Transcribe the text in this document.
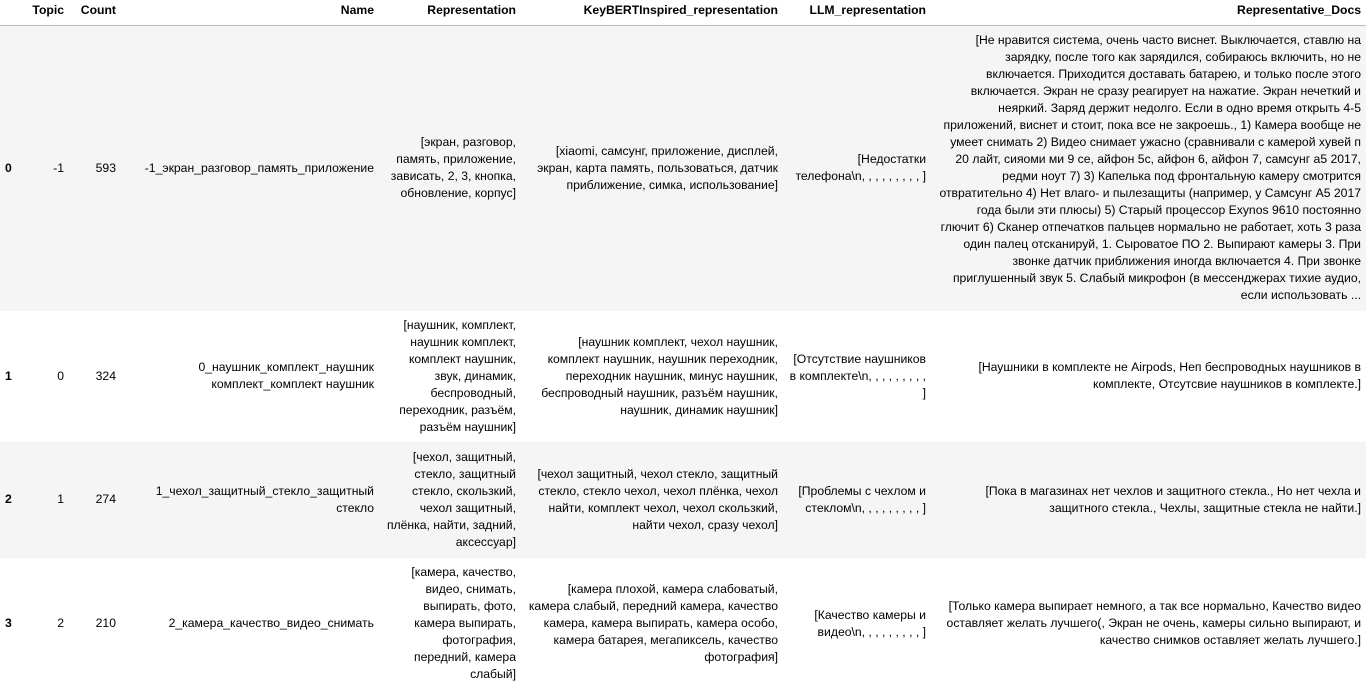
	Topic	Count	Name	Representation	KeyBERTInspired_representation	LLM_representation	Representative_Docs
0	-1	593	-1_экран_разговор_память_приложение	[экран, разговор, память, приложение, зависать, 2, 3, кнопка, обновление, корпус]	[xiaomi, самсунг, приложение, дисплей, экран, карта память, пользоваться, датчик приближение, симка, использование]	[Недостатки телефона\n, , , , , , , , , ]	[Не нравится система, очень часто виснет. Выключается, ставлю на зарядку, после того как зарядился, собираюсь включить, но не включается. Приходится доставать батарею, и только после этого включается. Экран не сразу реагирует на нажатие. Экран нечеткий и неяркий. Заряд держит недолго. Если в одно время открыть 4-5 приложений, виснет и стоит, пока все не закроешь., 1) Камера вообще не умеет снимать 2) Видео снимает ужасно (сравнивали с камерой хувей п 20 лайт, сияоми ми 9 се, айфон 5с, айфон 6, айфон 7, самсунг а5 2017, редми ноут 7) 3) Капелька под фронтальную камеру смотрится отвратительно 4) Нет влаго- и пылезащиты (например, у Самсунг А5 2017 года были эти плюсы) 5) Старый процессор Exynos 9610 постоянно глючит 6) Сканер отпечатков пальцев нормально не работает, хоть 3 раза один палец отсканируй, 1. Сыроватое ПО 2. Выпирают камеры 3. При звонке датчик приближения иногда включается 4. При звонке приглушенный звук 5. Слабый микрофон (в мессенджерах тихие аудио, если использовать ...
1	0	324	0_наушник_комплект_наушник комплект_комплект наушник	[наушник, комплект, наушник комплект, комплект наушник, звук, динамик, беспроводный, переходник, разъём, разъём наушник]	[наушник комплект, чехол наушник, комплект наушник, наушник переходник, переходник наушник, минус наушник, беспроводный наушник, разъём наушник, наушник, динамик наушник]	[Отсутствие наушников в комплекте\n, , , , , , , , , ]	[Наушники в комплекте не Airpods, Нeп беспроводных наушников в комплекте, Отсутсвие наушников в комплекте.]
2	1	274	1_чехол_защитный_стекло_защитный стекло	[чехол, защитный, стекло, защитный стекло, скользкий, чехол защитный, плёнка, найти, задний, аксессуар]	[чехол защитный, чехол стекло, защитный стекло, стекло чехол, чехол плёнка, чехол найти, комплект чехол, чехол скользкий, найти чехол, сразу чехол]	[Проблемы с чехлом и стеклом\n, , , , , , , , , ]	[Пока в магазинах нет чехлов и защитного стекла., Но нет чехла и защитного стекла., Чехлы, защитные стекла не найти.]
3	2	210	2_камера_качество_видео_снимать	[камера, качество, видео, снимать, выпирать, фото, камера выпирать, фотография, передний, камера слабый]	[камера плохой, камера слабоватый, камера слабый, передний камера, качество камера, камера выпирать, камера особо, камера батарея, мегапиксель, качество фотография]	[Качество камеры и видео\n, , , , , , , , , ]	[Только камера выпирает немного, а так все нормально, Качество видео оставляет желать лучшего(, Экран не очень, камеры сильно выпирают, и качество снимков оставляет желать лучшего.]
